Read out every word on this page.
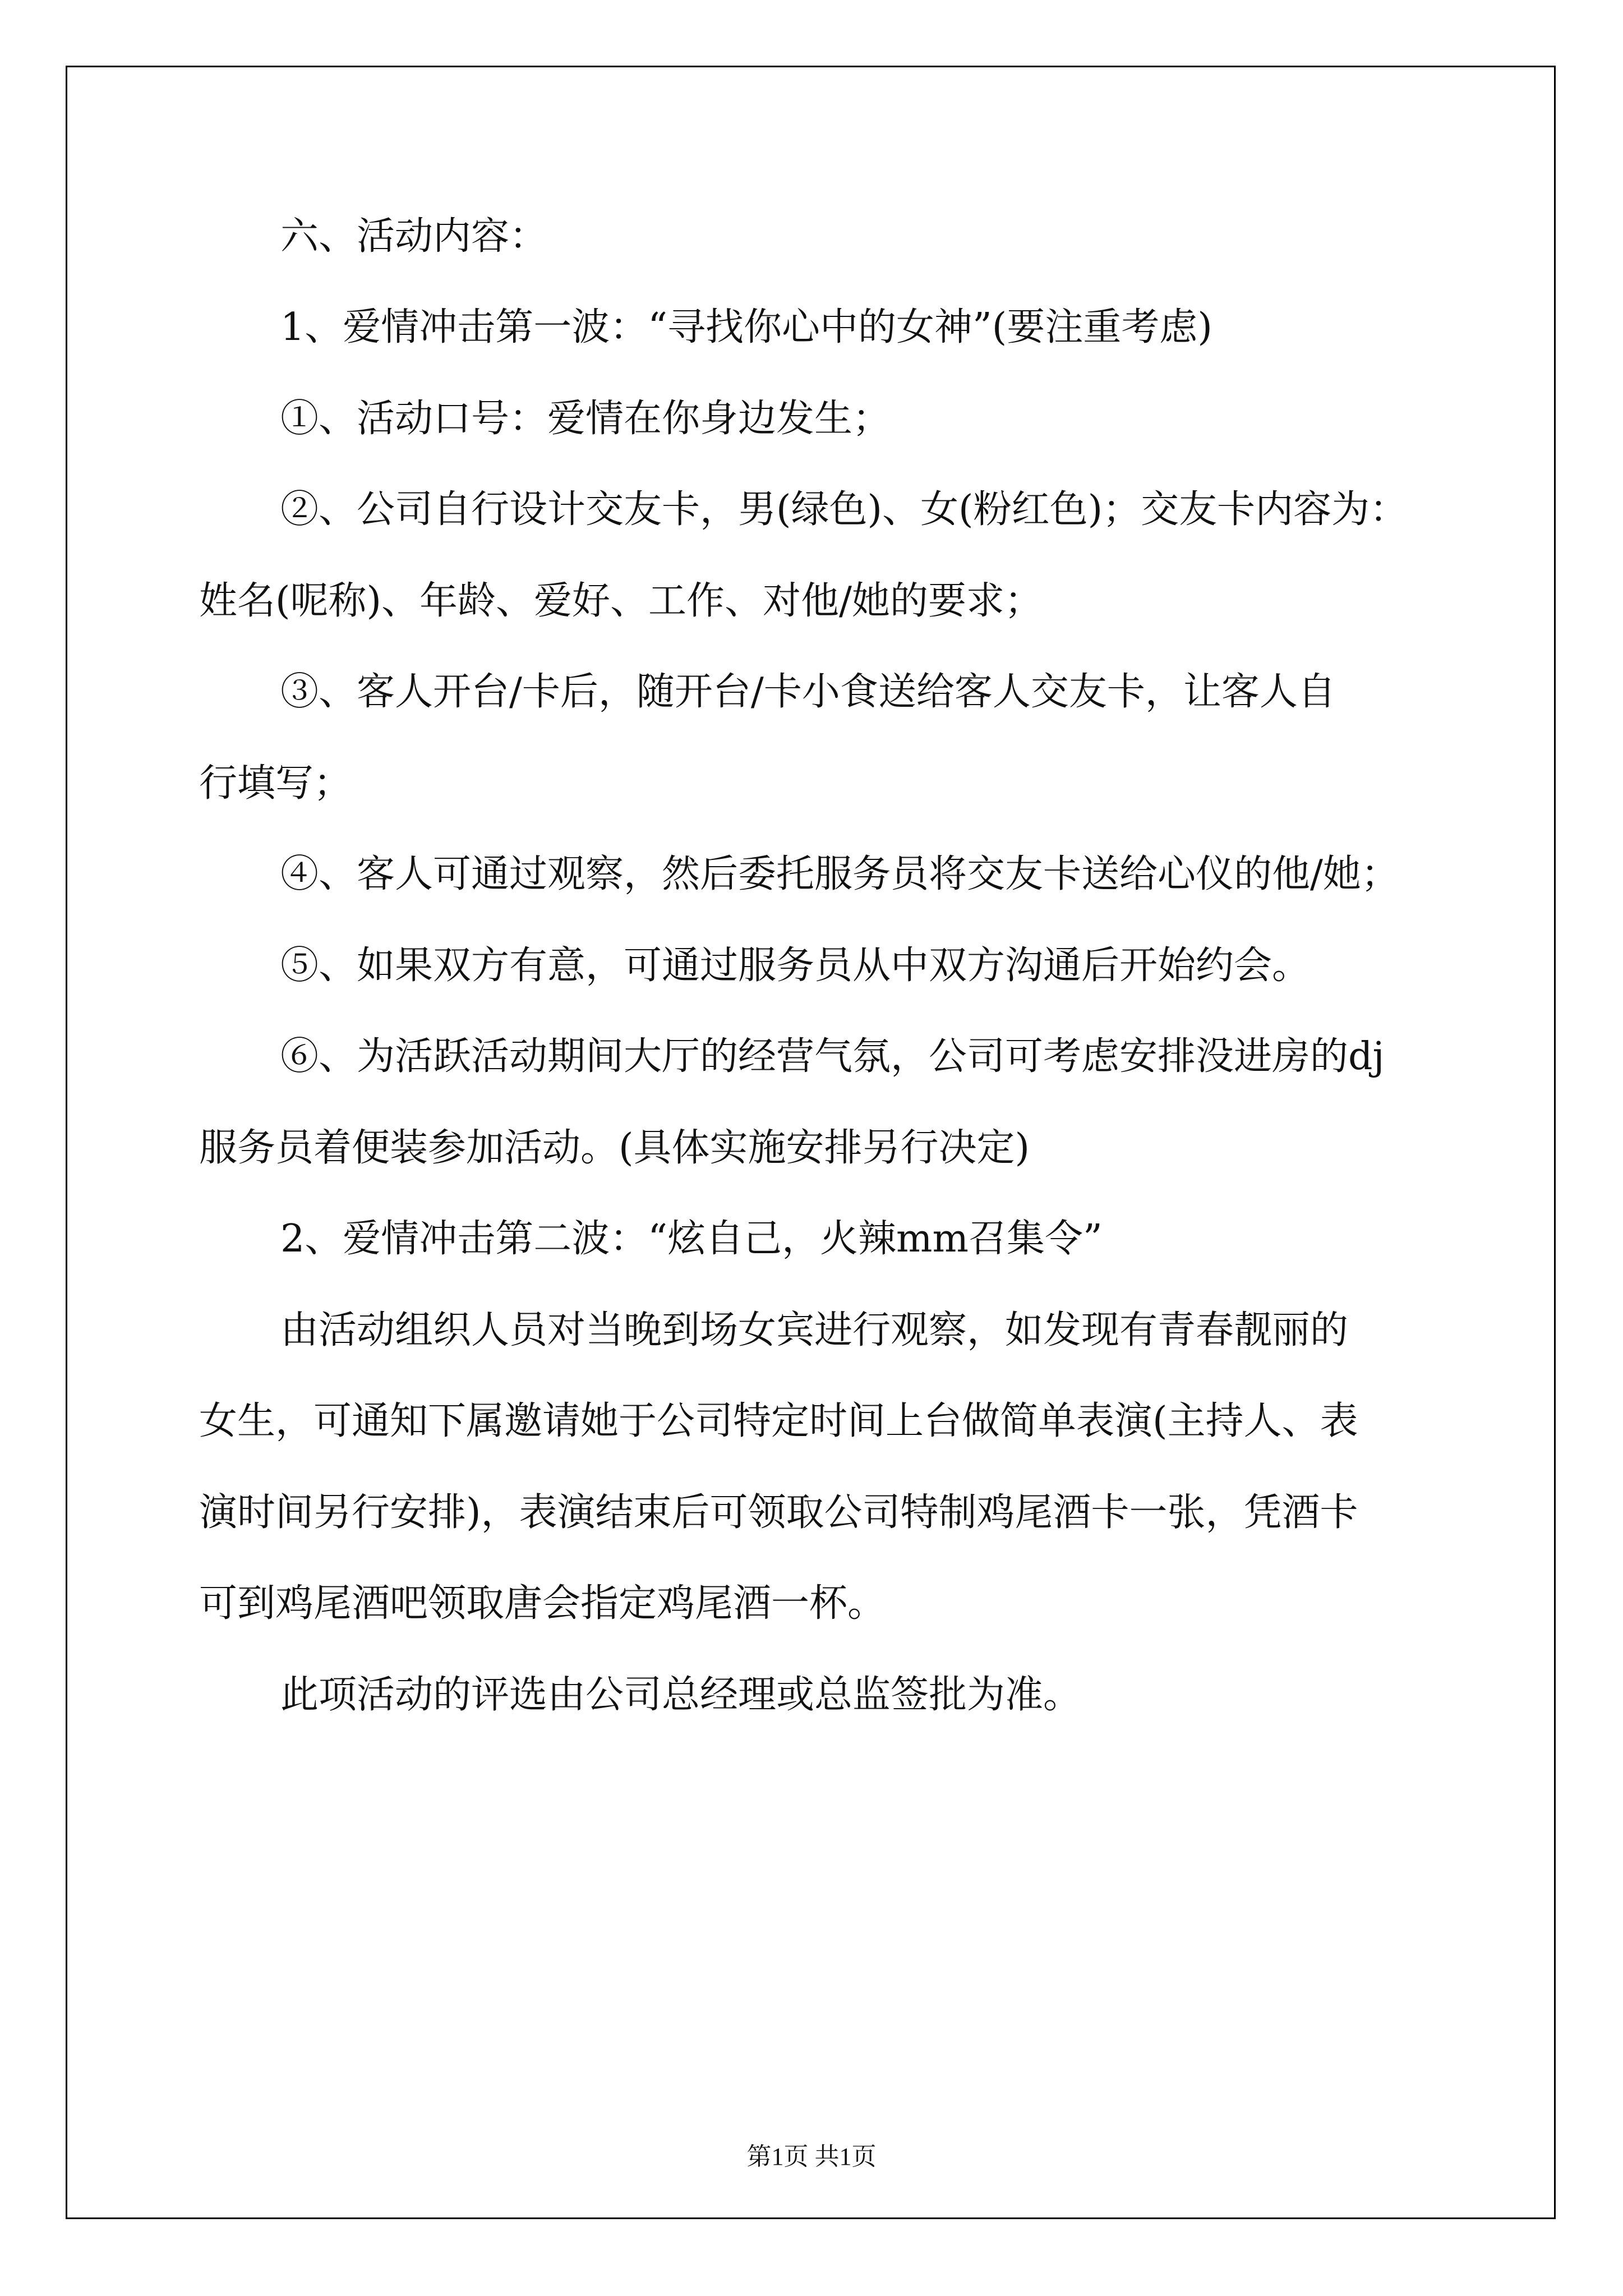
六、活动内容：
1、爱情冲击第一波：“寻找你心中的女神”(要注重考虑)
①、活动口号：爱情在你身边发生；
②、公司自行设计交友卡，男(绿色)、女(粉红色)；交友卡内容为：
姓名(呢称)、年龄、爱好、工作、对他/她的要求；
③、客人开台/卡后，随开台/卡小食送给客人交友卡，让客人自
行填写；
④、客人可通过观察，然后委托服务员将交友卡送给心仪的他/她；
⑤、如果双方有意，可通过服务员从中双方沟通后开始约会。
⑥、为活跃活动期间大厅的经营气氛，公司可考虑安排没进房的dj
服务员着便装参加活动。(具体实施安排另行决定)
2、爱情冲击第二波：“炫自己，火辣mm召集令”
由活动组织人员对当晚到场女宾进行观察，如发现有青春靓丽的
女生，可通知下属邀请她于公司特定时间上台做简单表演(主持人、表
演时间另行安排)，表演结束后可领取公司特制鸡尾酒卡一张，凭酒卡
可到鸡尾酒吧领取唐会指定鸡尾酒一杯。
此项活动的评选由公司总经理或总监签批为准。
第1页 共1页
